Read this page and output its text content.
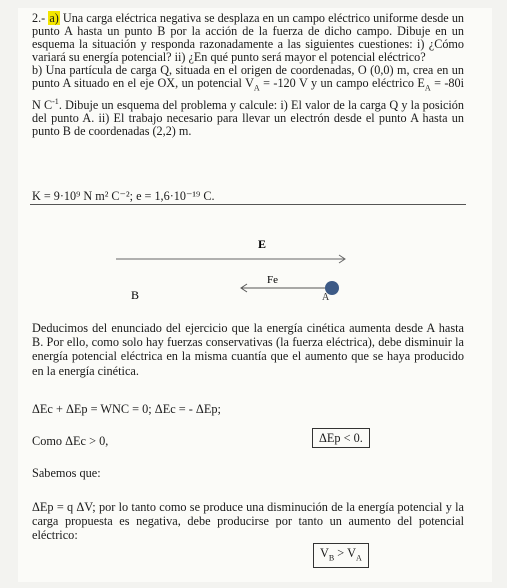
2.- a) Una carga eléctrica negativa se desplaza en un campo eléctrico uniforme desde un punto A hasta un punto B por la acción de la fuerza de dicho campo. Dibuje en un esquema la situación y responda razonadamente a las siguientes cuestiones: i) ¿Cómo variará su energía potencial? ii) ¿En qué punto será mayor el potencial eléctrico?
b) Una partícula de carga Q, situada en el origen de coordenadas, O (0,0) m, crea en un punto A situado en el eje OX, un potencial $V_A = -120$ V y un campo eléctrico $E_A = -80i$ N $C^{-1}$. Dibuje un esquema del problema y calcule: i) El valor de la carga Q y la posición del punto A. ii) El trabajo necesario para llevar un electrón desde el punto A hasta un punto B de coordenadas (2,2) m.
K = 9·10⁹ N m² C⁻²; e = 1,6·10⁻¹⁹ C.
E
Fe
B	A
Deducimos del enunciado del ejercicio que la energía cinética aumenta desde A hasta B. Por ello, como solo hay fuerzas conservativas (la fuerza eléctrica), debe disminuir la energía potencial eléctrica en la misma cuantía que el aumento que se haya producido en la energía cinética.
ΔEc + ΔEp = WNC = 0; ΔEc = - ΔEp;
Como ΔEc > 0,	ΔEp < 0.
Sabemos que:
ΔEp = q ΔV; por lo tanto como se produce una disminución de la energía potencial y la carga propuesta es negativa, debe producirse por tanto un aumento del potencial eléctrico:
$V_B > V_A$
